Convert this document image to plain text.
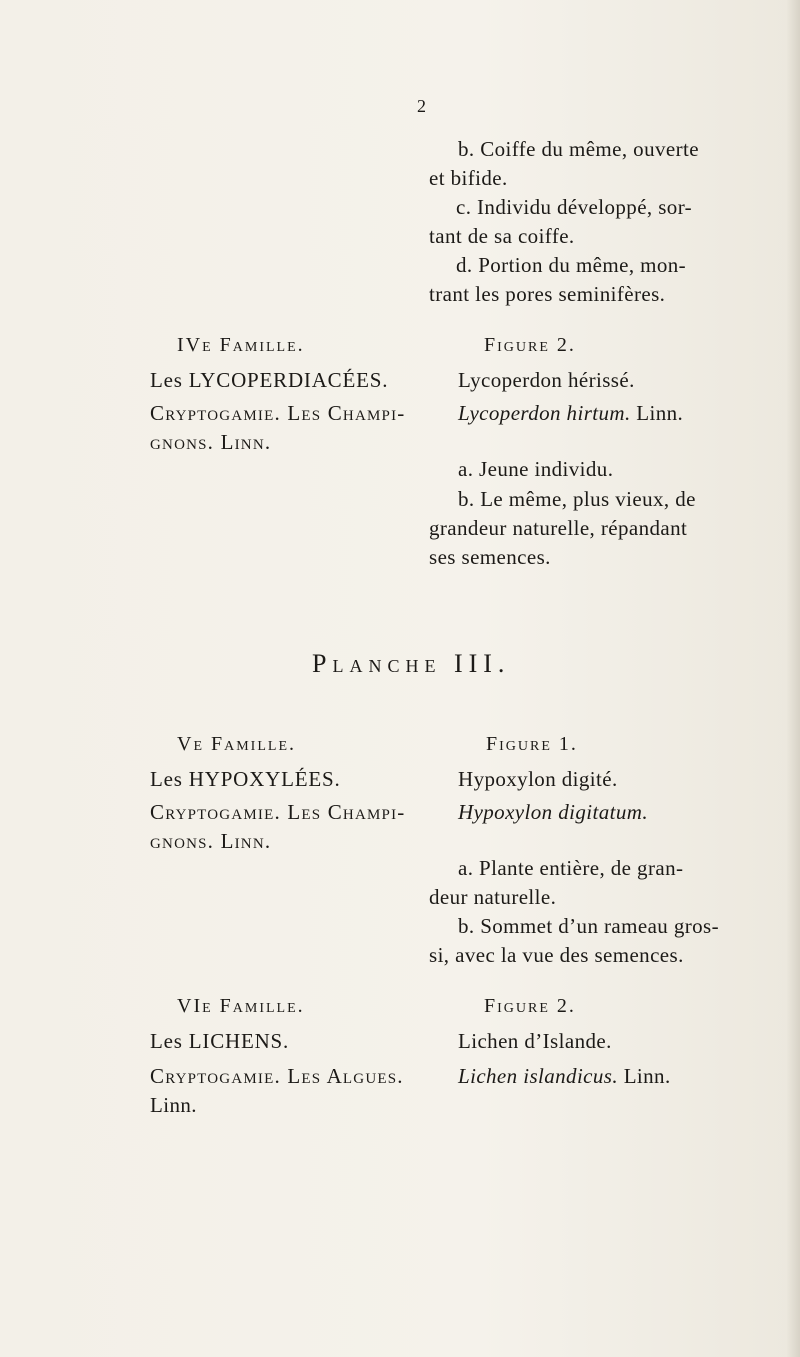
2
b. Coiffe du même, ouverte
et bifide.
c. Individu développé, sor-
tant de sa coiffe.
d. Portion du même, mon-
trant les pores seminifères.
IVe Famille.
Les LYCOPERDIACÉES.
Cryptogamie. Les Champi-
gnons. Linn.
Figure 2.
Lycoperdon hérissé.
Lycoperdon hirtum. Linn.
a. Jeune individu.
b. Le même, plus vieux, de
grandeur naturelle, répandant
ses semences.
Planche III.
Ve Famille.
Les HYPOXYLÉES.
Cryptogamie. Les Champi-
gnons. Linn.
Figure 1.
Hypoxylon digité.
Hypoxylon digitatum.
a. Plante entière, de gran-
deur naturelle.
b. Sommet d’un rameau gros-
si, avec la vue des semences.
VIe Famille.
Les LICHENS.
Cryptogamie. Les Algues.
Linn.
Figure 2.
Lichen d’Islande.
Lichen islandicus. Linn.
